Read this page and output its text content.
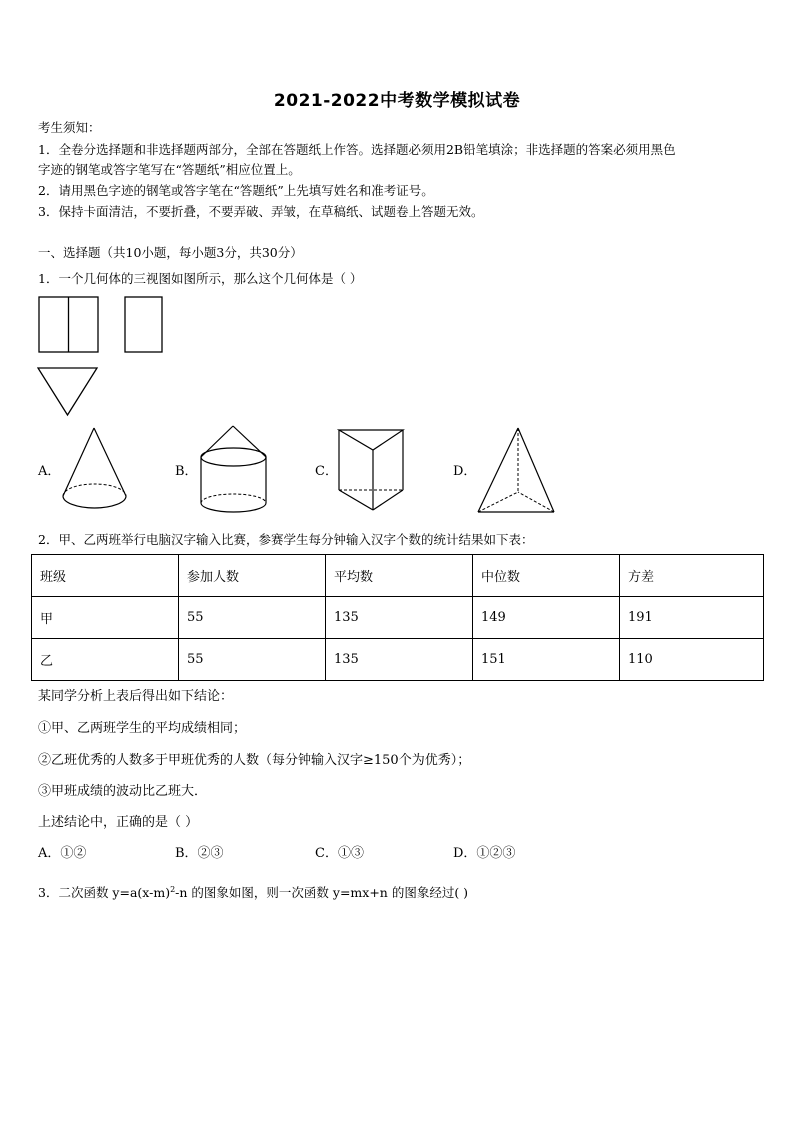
2021-2022中考数学模拟试卷
考生须知：
1．全卷分选择题和非选择题两部分，全部在答题纸上作答。选择题必须用2B铅笔填涂；非选择题的答案必须用黑色
字迹的钢笔或答字笔写在“答题纸”相应位置上。
2．请用黑色字迹的钢笔或答字笔在“答题纸”上先填写姓名和准考证号。
3．保持卡面清洁，不要折叠，不要弄破、弄皱，在草稿纸、试题卷上答题无效。
一、选择题（共10小题，每小题3分，共30分）
1．一个几何体的三视图如图所示，那么这个几何体是（ ）
A．	B．	C．	D．
2．甲、乙两班举行电脑汉字输入比赛，参赛学生每分钟输入汉字个数的统计结果如下表：
班级	参加人数	平均数	中位数	方差
甲	55	135	149	191
乙	55	135	151	110
某同学分析上表后得出如下结论：
①甲、乙两班学生的平均成绩相同；
②乙班优秀的人数多于甲班优秀的人数（每分钟输入汉字≥150个为优秀）；
③甲班成绩的波动比乙班大．
上述结论中，正确的是（ ）
A．①②	B．②③	C．①③	D．①②③
3．二次函数 $y=a(x-m)^2-n$ 的图象如图，则一次函数 y=mx+n 的图象经过( )
